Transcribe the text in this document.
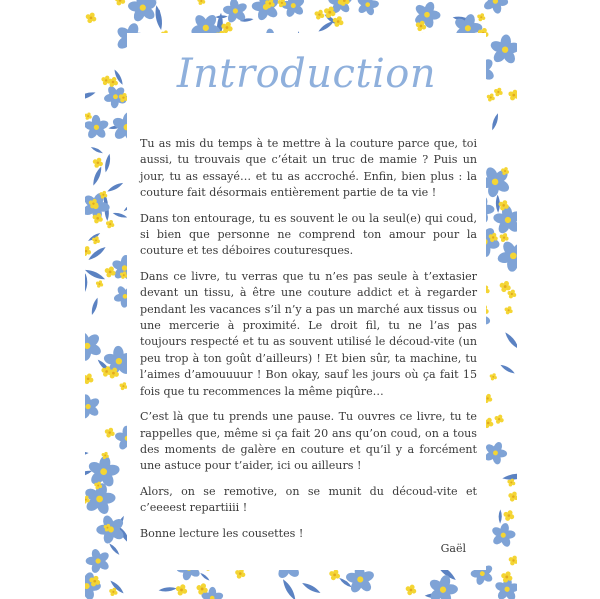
Introduction

Tu as mis du temps à te mettre à la couture parce que, toi aussi, tu trouvais que c’était un truc de mamie ? Puis un jour, tu as essayé… et tu as accroché. Enfin, bien plus : la couture fait désormais entièrement partie de ta vie !

Dans ton entourage, tu es souvent le ou la seul(e) qui coud, si bien que personne ne comprend ton amour pour la couture et tes déboires couturesques.

Dans ce livre, tu verras que tu n’es pas seule à t’extasier devant un tissu, à être une couture addict et à regarder pendant les vacances s’il n’y a pas un marché aux tissus ou une mercerie à proximité. Le droit fil, tu ne l’as pas toujours respecté et tu as souvent utilisé le découd-vite (un peu trop à ton goût d’ailleurs) ! Et bien sûr, ta machine, tu l’aimes d’amouuuur ! Bon okay, sauf les jours où ça fait 15 fois que tu recommences la même piqûre…

C’est là que tu prends une pause. Tu ouvres ce livre, tu te rappelles que, même si ça fait 20 ans qu’on coud, on a tous des moments de galère en couture et qu’il y a forcément une astuce pour t’aider, ici ou ailleurs !

Alors, on se remotive, on se munit du découd-vite et c’eeeest repartiiii !

Bonne lecture les cousettes !

Gaël
